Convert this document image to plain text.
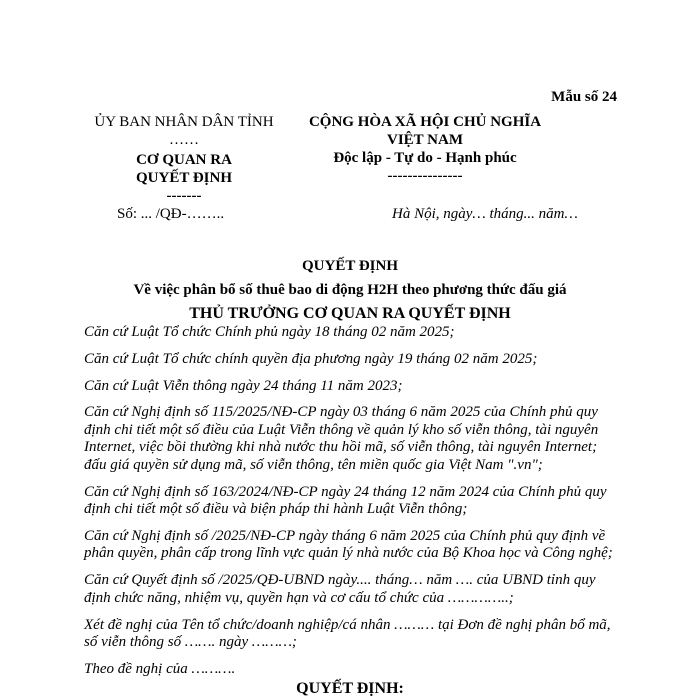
Mẫu số 24
ỦY BAN NHÂN DÂN TỈNH
……
CƠ QUAN RA QUYẾT ĐỊNH
-------
CỘNG HÒA XÃ HỘI CHỦ NGHĨA VIỆT NAM
Độc lập - Tự do - Hạnh phúc
---------------
Số: ... /QĐ-……..	Hà Nội, ngày… tháng... năm…
QUYẾT ĐỊNH
Về việc phân bổ số thuê bao di động H2H theo phương thức đấu giá
THỦ TRƯỞNG CƠ QUAN RA QUYẾT ĐỊNH

Căn cứ Luật Tổ chức Chính phủ ngày 18 tháng 02 năm 2025;

Căn cứ Luật Tổ chức chính quyền địa phương ngày 19 tháng 02 năm 2025;

Căn cứ Luật Viễn thông ngày 24 tháng 11 năm 2023;

Căn cứ Nghị định số 115/2025/NĐ-CP ngày 03 tháng 6 năm 2025 của Chính phủ quy định chi tiết một số điều của Luật Viễn thông về quản lý kho số viễn thông, tài nguyên Internet, việc bồi thường khi nhà nước thu hồi mã, số viễn thông, tài nguyên Internet; đấu giá quyền sử dụng mã, số viễn thông, tên miền quốc gia Việt Nam ".vn";

Căn cứ Nghị định số 163/2024/NĐ-CP ngày 24 tháng 12 năm 2024 của Chính phủ quy định chi tiết một số điều và biện pháp thi hành Luật Viễn thông;

Căn cứ Nghị định số /2025/NĐ-CP ngày tháng 6 năm 2025 của Chính phủ quy định về phân quyền, phân cấp trong lĩnh vực quản lý nhà nước của Bộ Khoa học và Công nghệ;

Căn cứ Quyết định số /2025/QĐ-UBND ngày.... tháng… năm …. của UBND tỉnh quy định chức năng, nhiệm vụ, quyền hạn và cơ cấu tổ chức của …………..;

Xét đề nghị của Tên tổ chức/doanh nghiệp/cá nhân ……… tại Đơn đề nghị phân bổ mã, số viễn thông số ……. ngày ………;

Theo đề nghị của ……….

QUYẾT ĐỊNH:
